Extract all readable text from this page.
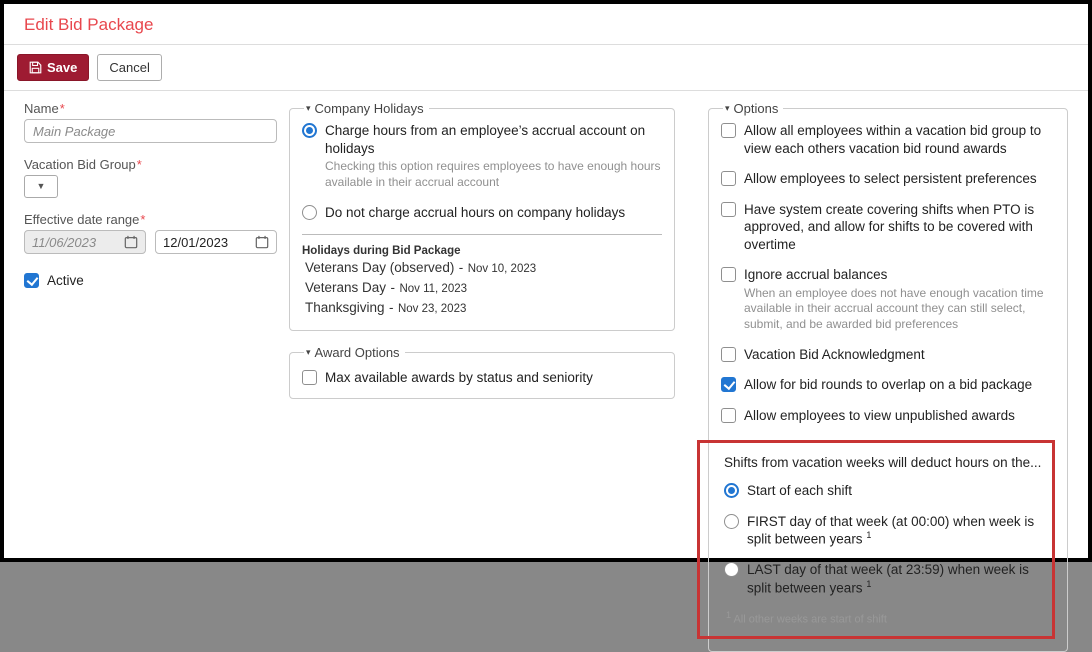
Edit Bid Package
Save Cancel
Name*
Main Package
Vacation Bid Group*
▼
Effective date range*
11/06/2023	12/01/2023
Active
▾ Company Holidays
Charge hours from an employee’s accrual account on holidays
Checking this option requires employees to have enough hours available in their accrual account
Do not charge accrual hours on company holidays
Holidays during Bid Package
Veterans Day (observed) - Nov 10, 2023
Veterans Day - Nov 11, 2023
Thanksgiving - Nov 23, 2023
▾ Award Options
Max available awards by status and seniority
▾ Options
Allow all employees within a vacation bid group to view each others vacation bid round awards
Allow employees to select persistent preferences
Have system create covering shifts when PTO is approved, and allow for shifts to be covered with overtime
Ignore accrual balances
When an employee does not have enough vacation time available in their accrual account they can still select, submit, and be awarded bid preferences
Vacation Bid Acknowledgment
Allow for bid rounds to overlap on a bid package
Allow employees to view unpublished awards
Shifts from vacation weeks will deduct hours on the...
Start of each shift
FIRST day of that week (at 00:00) when week is split between years $^1$
LAST day of that week (at 23:59) when week is split between years $^1$
$^1$ All other weeks are start of shift
